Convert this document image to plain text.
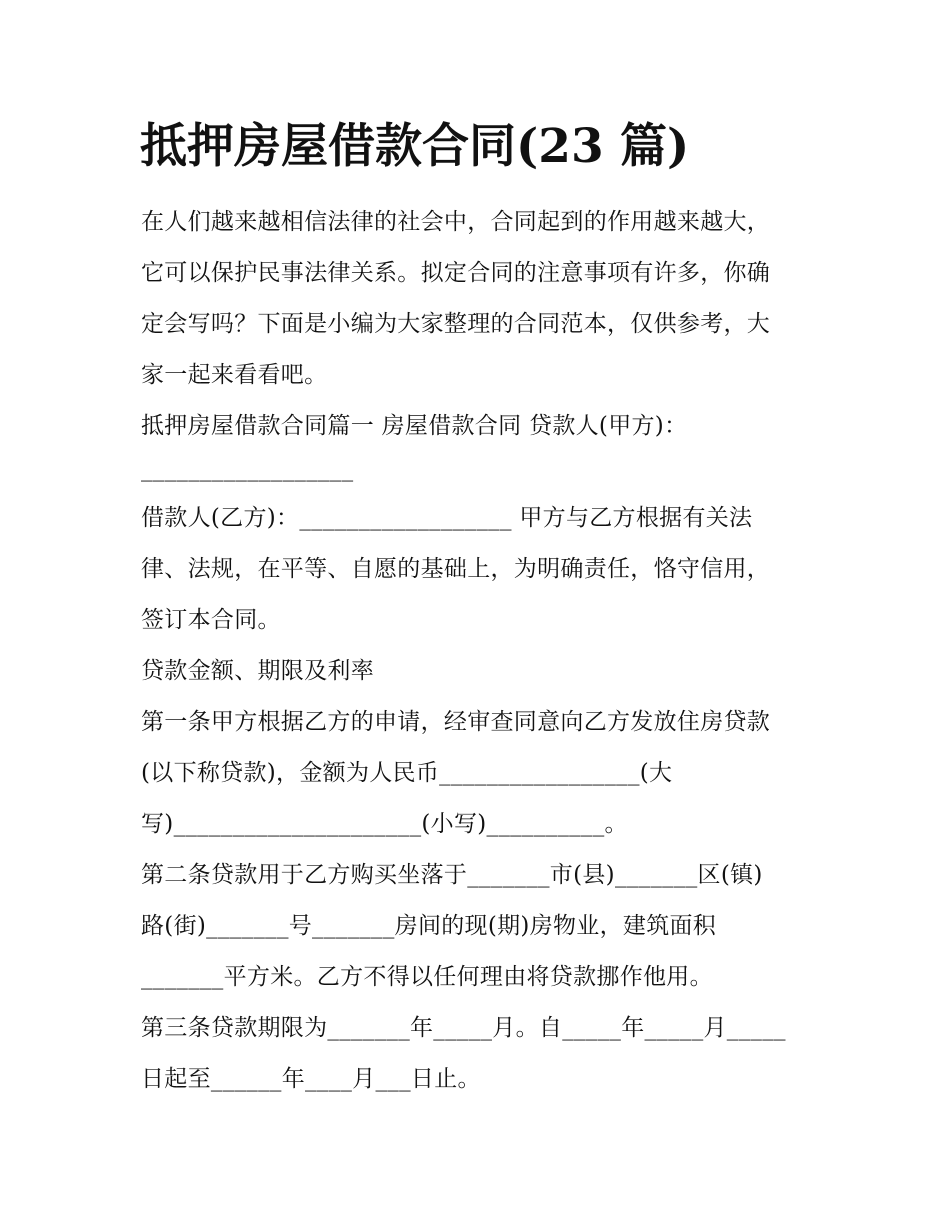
抵押房屋借款合同(23 篇)

在人们越来越相信法律的社会中，合同起到的作用越来越大，

它可以保护民事法律关系。拟定合同的注意事项有许多，你确

定会写吗？下面是小编为大家整理的合同范本，仅供参考，大

家一起来看看吧。

抵押房屋借款合同篇一 房屋借款合同 贷款人(甲方)：

__________________

借款人(乙方)：__________________ 甲方与乙方根据有关法

律、法规，在平等、自愿的基础上，为明确责任，恪守信用，

签订本合同。

贷款金额、期限及利率

第一条甲方根据乙方的申请，经审查同意向乙方发放住房贷款

(以下称贷款)，金额为人民币_________________(大

写)_____________________(小写)__________。

第二条贷款用于乙方购买坐落于_______市(县)_______区(镇)

路(街)_______号_______房间的现(期)房物业，建筑面积

_______平方米。乙方不得以任何理由将贷款挪作他用。

第三条贷款期限为_______年_____月。自_____年_____月_____

日起至______年____月___日止。
